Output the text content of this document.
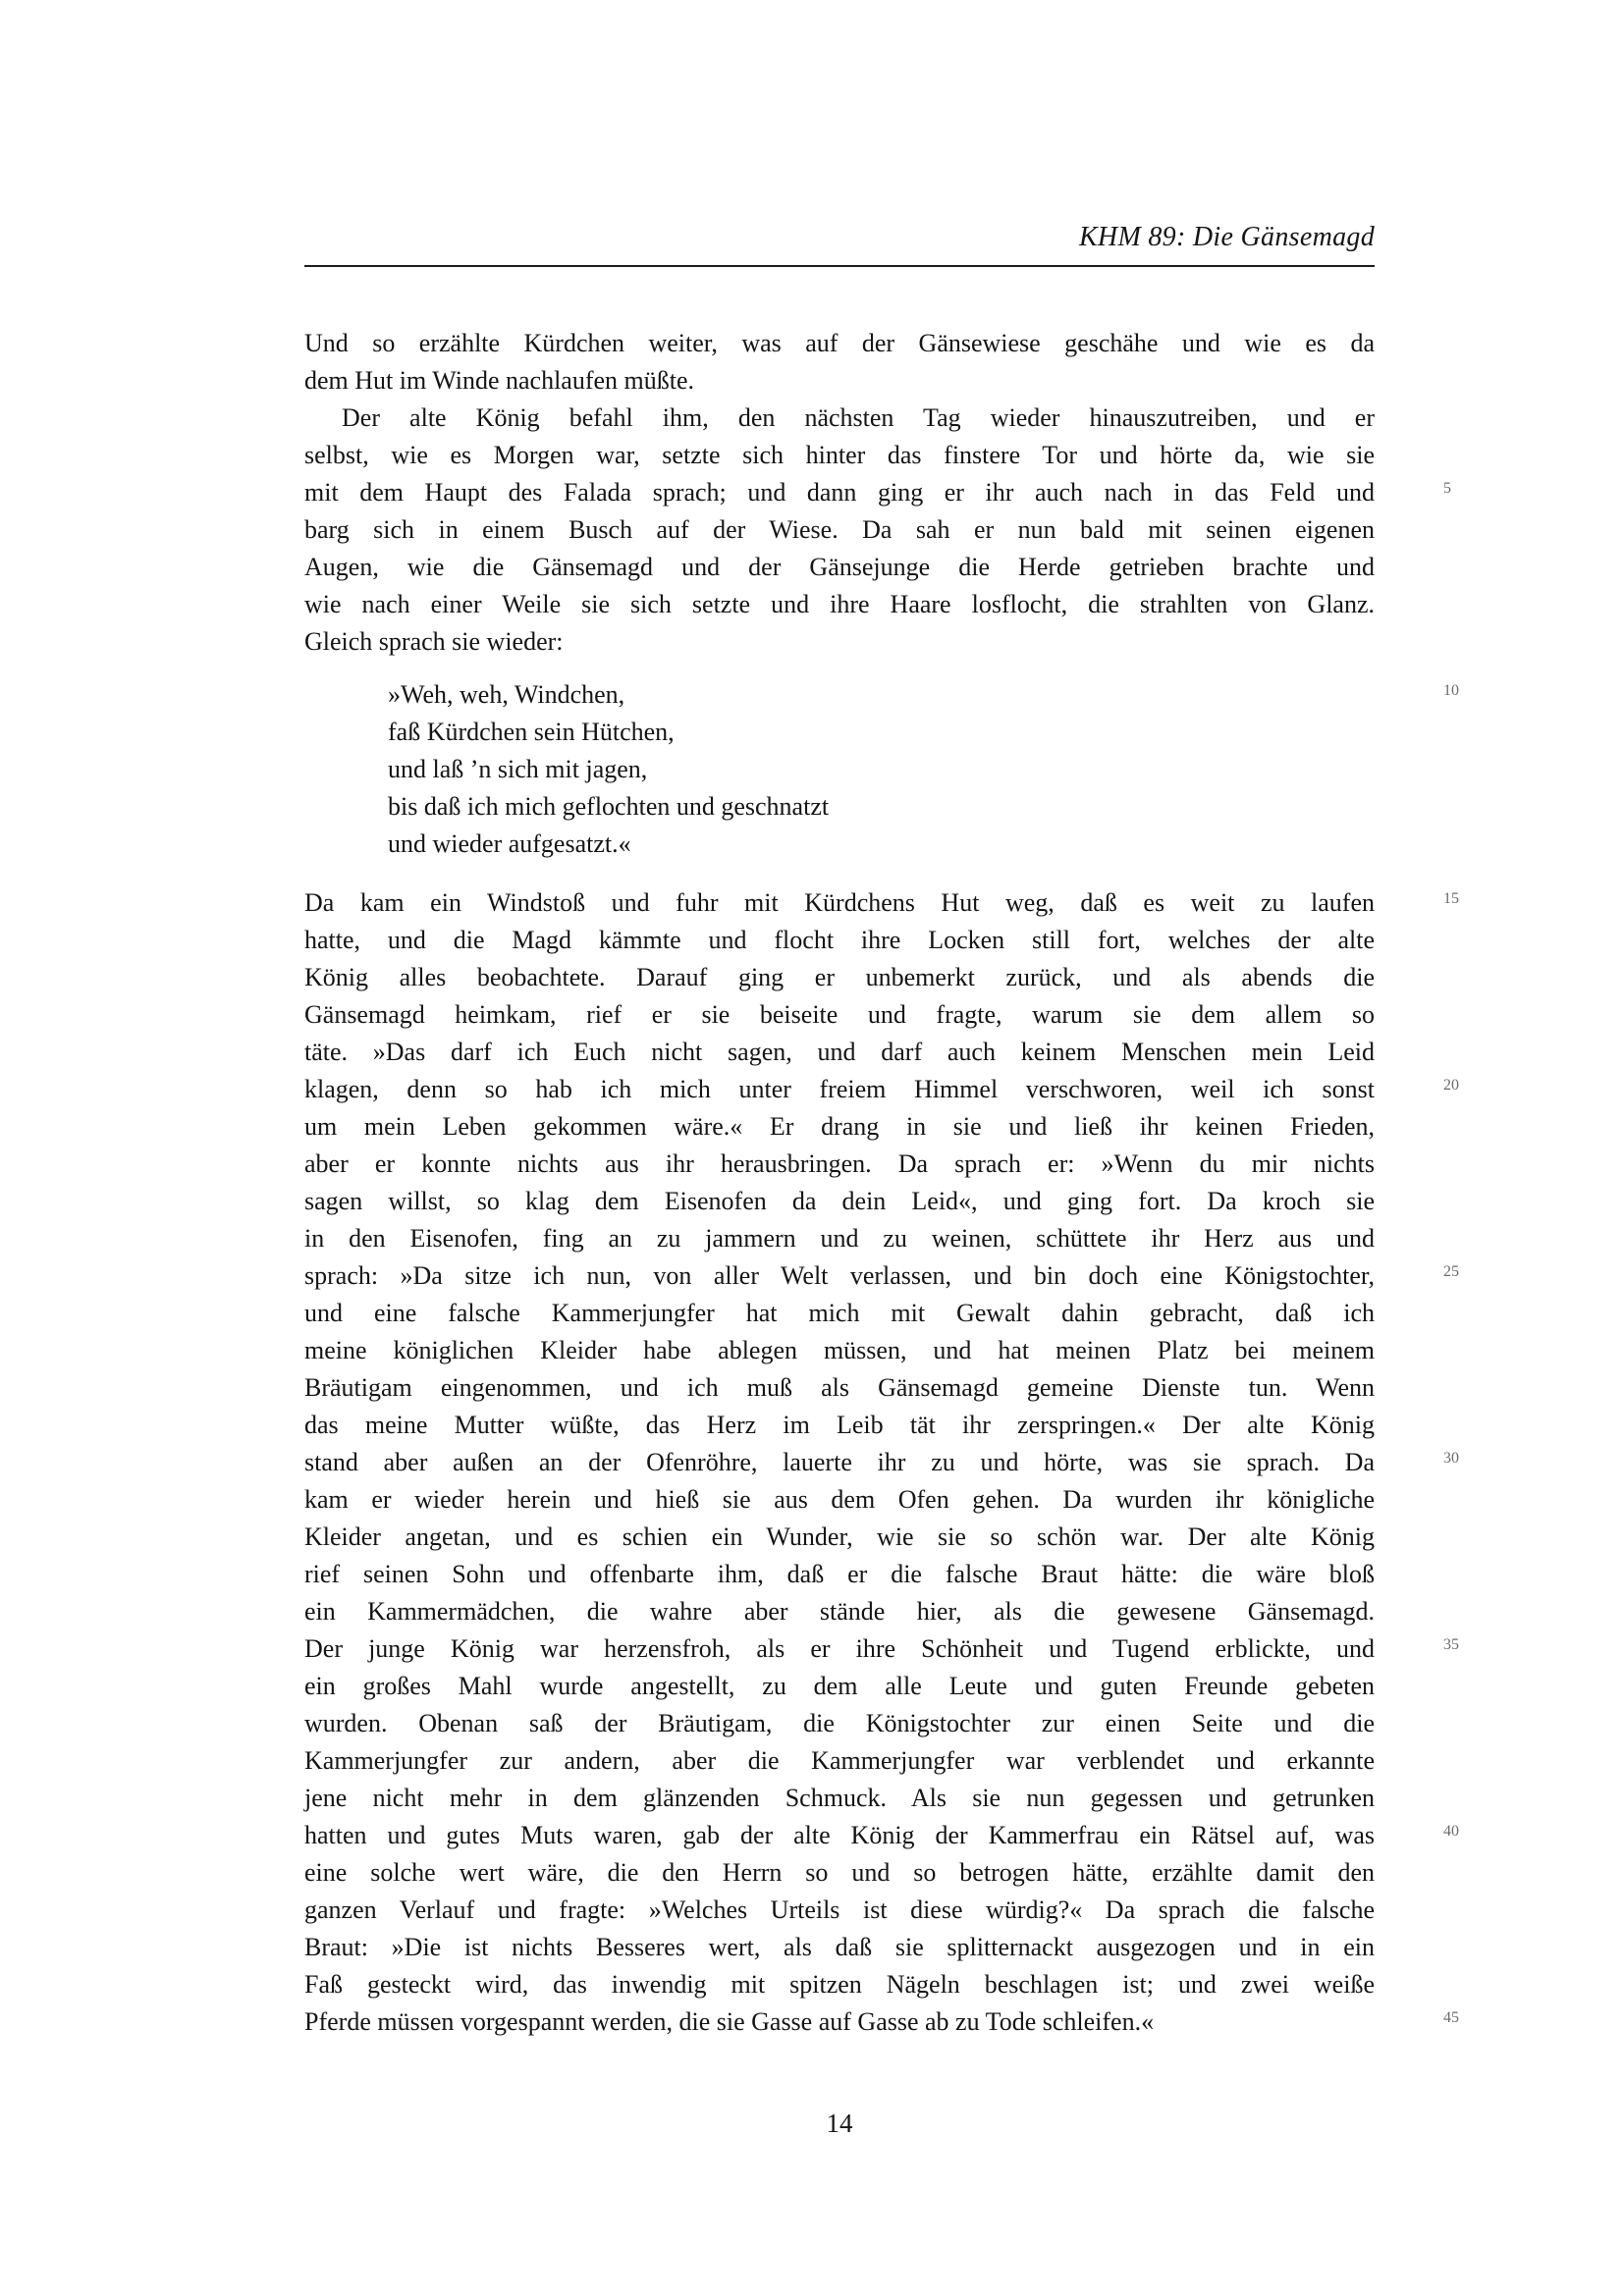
KHM 89: Die Gänsemagd
Und so erzählte Kürdchen weiter, was auf der Gänsewiese geschähe und wie es da
dem Hut im Winde nachlaufen müßte.
Der alte König befahl ihm, den nächsten Tag wieder hinauszutreiben, und er
selbst, wie es Morgen war, setzte sich hinter das finstere Tor und hörte da, wie sie
mit dem Haupt des Falada sprach; und dann ging er ihr auch nach in das Feld und	5
barg sich in einem Busch auf der Wiese. Da sah er nun bald mit seinen eigenen
Augen, wie die Gänsemagd und der Gänsejunge die Herde getrieben brachte und
wie nach einer Weile sie sich setzte und ihre Haare losflocht, die strahlten von Glanz.
Gleich sprach sie wieder:
»Weh, weh, Windchen,	10
faß Kürdchen sein Hütchen,
und laß ’n sich mit jagen,
bis daß ich mich geflochten und geschnatzt
und wieder aufgesatzt.«
Da kam ein Windstoß und fuhr mit Kürdchens Hut weg, daß es weit zu laufen	15
hatte, und die Magd kämmte und flocht ihre Locken still fort, welches der alte
König alles beobachtete. Darauf ging er unbemerkt zurück, und als abends die
Gänsemagd heimkam, rief er sie beiseite und fragte, warum sie dem allem so
täte. »Das darf ich Euch nicht sagen, und darf auch keinem Menschen mein Leid
klagen, denn so hab ich mich unter freiem Himmel verschworen, weil ich sonst	20
um mein Leben gekommen wäre.« Er drang in sie und ließ ihr keinen Frieden,
aber er konnte nichts aus ihr herausbringen. Da sprach er: »Wenn du mir nichts
sagen willst, so klag dem Eisenofen da dein Leid«, und ging fort. Da kroch sie
in den Eisenofen, fing an zu jammern und zu weinen, schüttete ihr Herz aus und
sprach: »Da sitze ich nun, von aller Welt verlassen, und bin doch eine Königstochter,	25
und eine falsche Kammerjungfer hat mich mit Gewalt dahin gebracht, daß ich
meine königlichen Kleider habe ablegen müssen, und hat meinen Platz bei meinem
Bräutigam eingenommen, und ich muß als Gänsemagd gemeine Dienste tun. Wenn
das meine Mutter wüßte, das Herz im Leib tät ihr zerspringen.« Der alte König
stand aber außen an der Ofenröhre, lauerte ihr zu und hörte, was sie sprach. Da	30
kam er wieder herein und hieß sie aus dem Ofen gehen. Da wurden ihr königliche
Kleider angetan, und es schien ein Wunder, wie sie so schön war. Der alte König
rief seinen Sohn und offenbarte ihm, daß er die falsche Braut hätte: die wäre bloß
ein Kammermädchen, die wahre aber stände hier, als die gewesene Gänsemagd.
Der junge König war herzensfroh, als er ihre Schönheit und Tugend erblickte, und	35
ein großes Mahl wurde angestellt, zu dem alle Leute und guten Freunde gebeten
wurden. Obenan saß der Bräutigam, die Königstochter zur einen Seite und die
Kammerjungfer zur andern, aber die Kammerjungfer war verblendet und erkannte
jene nicht mehr in dem glänzenden Schmuck. Als sie nun gegessen und getrunken
hatten und gutes Muts waren, gab der alte König der Kammerfrau ein Rätsel auf, was	40
eine solche wert wäre, die den Herrn so und so betrogen hätte, erzählte damit den
ganzen Verlauf und fragte: »Welches Urteils ist diese würdig?« Da sprach die falsche
Braut: »Die ist nichts Besseres wert, als daß sie splitternackt ausgezogen und in ein
Faß gesteckt wird, das inwendig mit spitzen Nägeln beschlagen ist; und zwei weiße
Pferde müssen vorgespannt werden, die sie Gasse auf Gasse ab zu Tode schleifen.«	45
14
